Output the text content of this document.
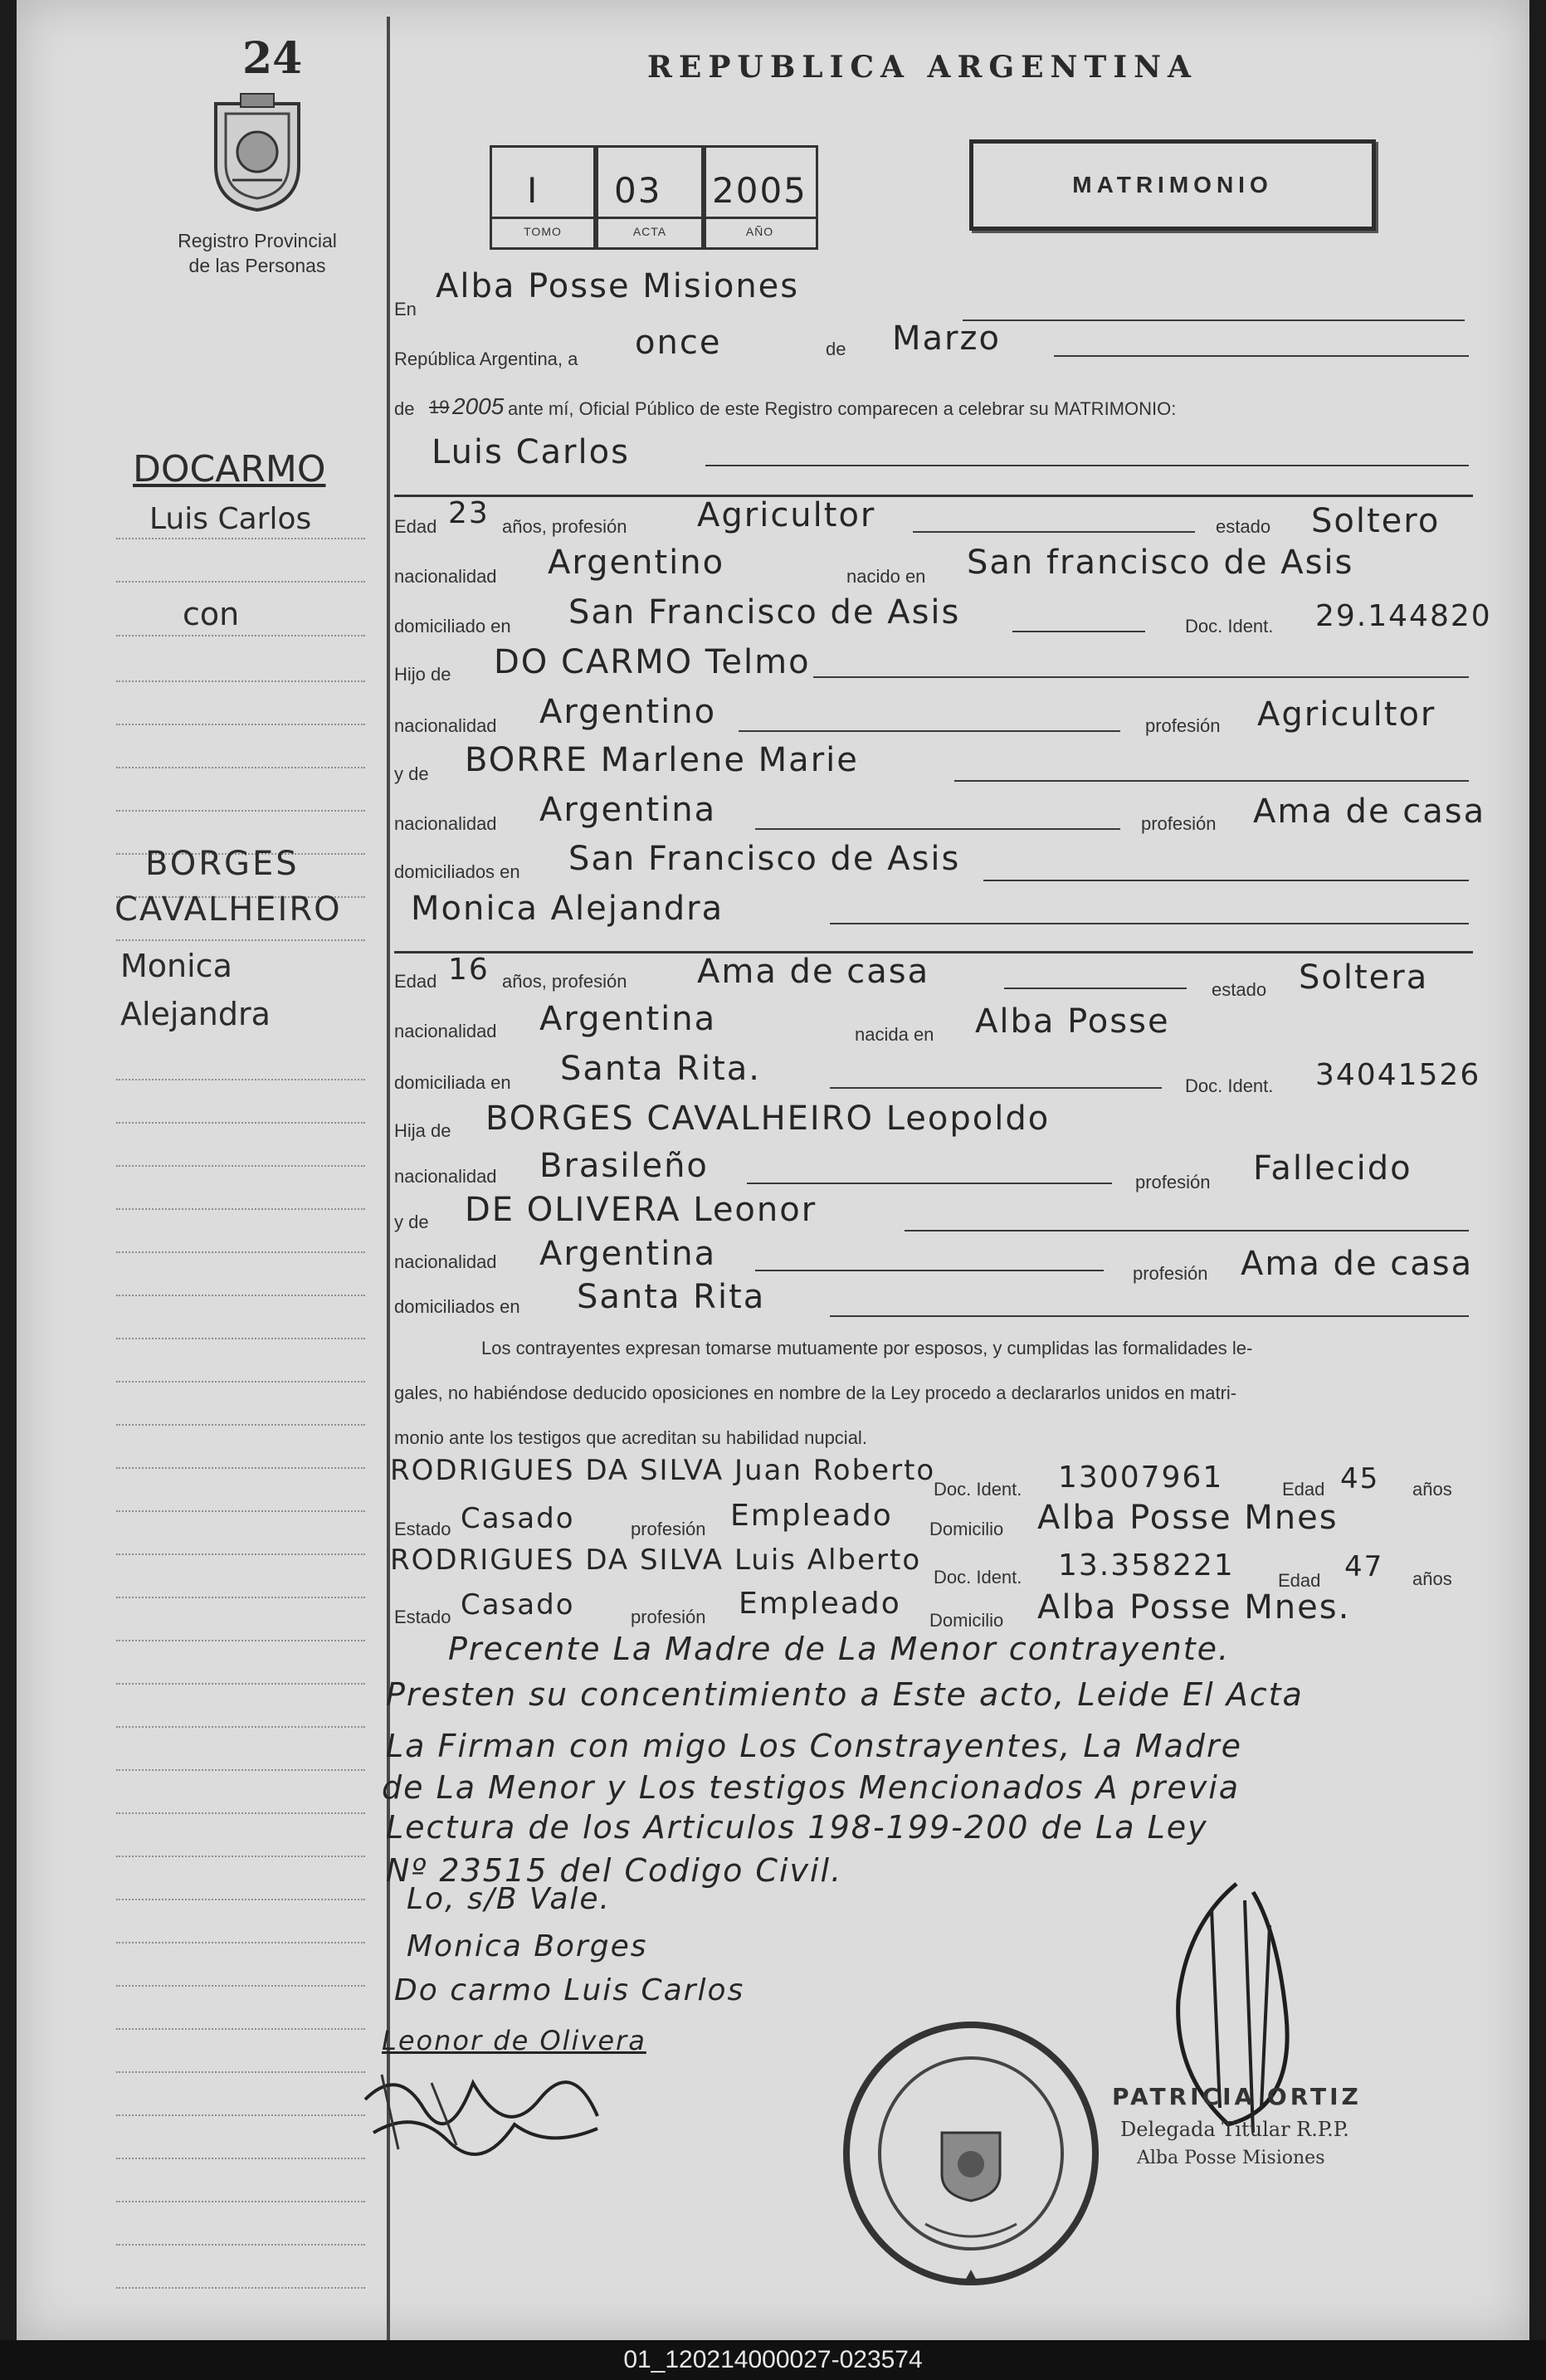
24
Registro Provincial de las Personas
REPUBLICA ARGENTINA
I 03 2005
TOMO	ACTA	AÑO
MATRIMONIO
DOCARMO
Luis Carlos
con
BORGES
CAVALHEIRO
Monica
Alejandra
En
Alba Posse Misiones
República Argentina, a once	de Marzo
de 19 2005 ante mí, Oficial Público de este Registro comparecen a celebrar su MATRIMONIO:
Luis Carlos
Edad 23 años, profesión Agricultor	estado Soltero
nacionalidad Argentino	nacido en San francisco de Asis
domiciliado en San Francisco de Asis	Doc. Ident. 29.144820
Hijo de DO CARMO Telmo
nacionalidad Argentino	profesión Agricultor
y de BORRE Marlene Marie
nacionalidad Argentina	profesión Ama de casa
domiciliados en San Francisco de Asis
Monica Alejandra
Edad 16 años, profesión Ama de casa	estado Soltera
nacionalidad Argentina	nacida en Alba Posse
domiciliada en Santa Rita.	Doc. Ident. 34041526
Hija de BORGES CAVALHEIRO Leopoldo
nacionalidad Brasileño	profesión Fallecido
y de DE OLIVERA Leonor
nacionalidad Argentina
profesión Ama de casa
domiciliados en Santa Rita
Los contrayentes expresan tomarse mutuamente por esposos, y cumplidas las formalidades le-
gales, no habiéndose deducido oposiciones en nombre de la Ley procedo a declararlos unidos en matri-
monio ante los testigos que acreditan su habilidad nupcial.
RODRIGUES DA SILVA Juan Roberto
Doc. Ident. 13007961	Edad 45 años
Estado Casado	profesión Empleado Domicilio Alba Posse Mnes
RODRIGUES DA SILVA Luis Alberto
Doc. Ident. 13.358221 Edad 47 años
Estado Casado	profesión Empleado Domicilio Alba Posse Mnes.
Precente La Madre de La Menor contrayente.
Presten su concentimiento a Este acto, Leide El Acta
La Firman con migo Los Constrayentes, La Madre
de La Menor y Los testigos Mencionados A previa
Lectura de los Articulos 198-199-200 de La Ley
Nº 23515 del Codigo Civil.
Lo, s/B Vale.
Monica Borges
Do carmo Luis Carlos
Leonor de Olivera
PATRICIA ORTIZ
Delegada Titular R.P.P.
Alba Posse Misiones
01_120214000027-023574
